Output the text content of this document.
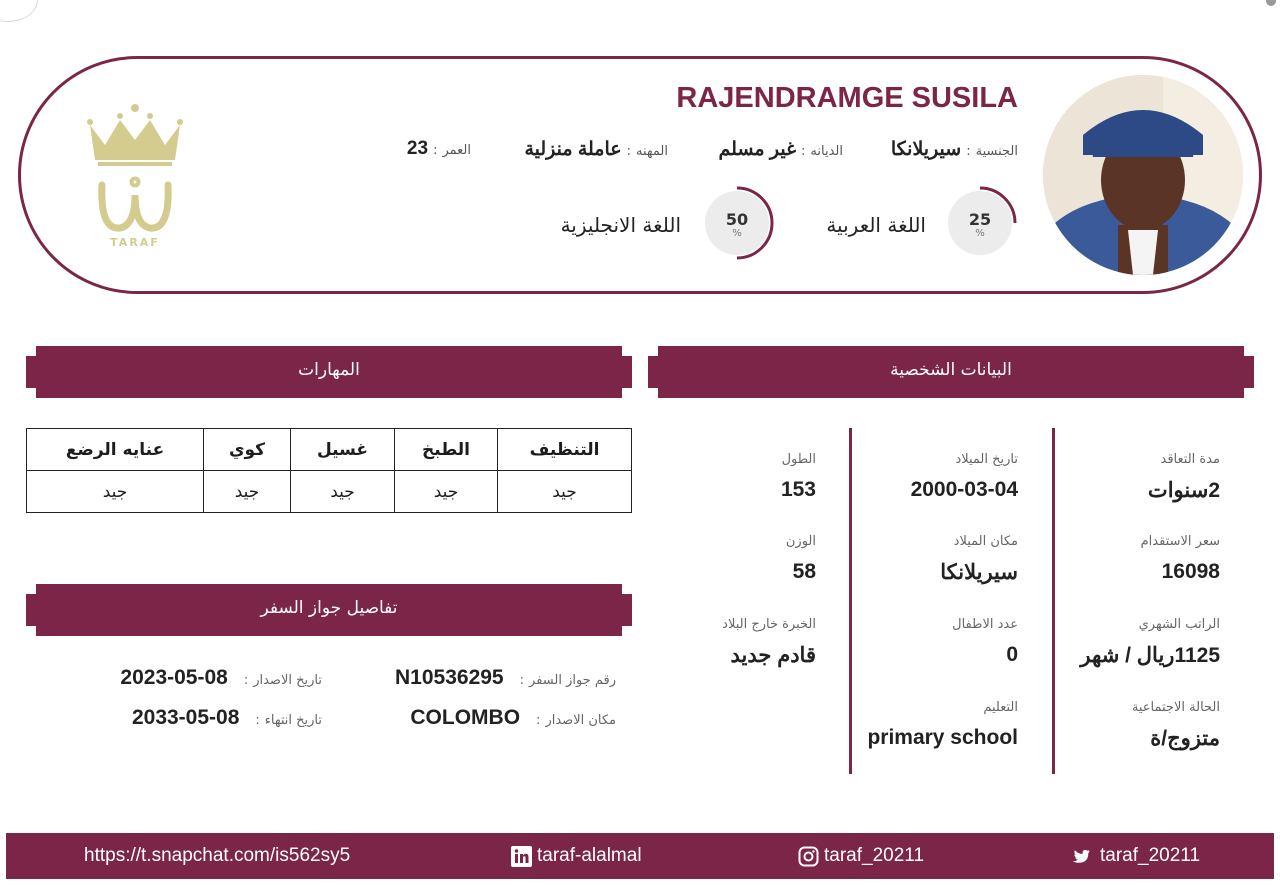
RAJENDRAMGE SUSILA
الجنسية
:
سيريلانكا
الديانه
:
غير مسلم
المهنه
:
عاملة منزلية
العمر
:
23
25
%
اللغة العربية
50
%
اللغة الانجليزية
TARAF
البيانات الشخصية
المهارات
تفاصيل جواز السفر
مدة التعاقد
2سنوات
سعر الاستقدام
16098
الراتب الشهري
1125ريال / شهر
الحالة الاجتماعية
متزوج/ة
تاريخ الميلاد
2000-03-04
مكان الميلاد
سيريلانكا
عدد الاطفال
0
التعليم
primary school
الطول
153
الوزن
58
الخبرة خارج البلاد
قادم جديد
التنظيف	الطبخ	غسيل	كوي	عنايه الرضع
جيد	جيد	جيد	جيد	جيد
رقم جواز السفر
:
N10536295
مكان الاصدار
:
COLOMBO
تاريخ الاصدار
:
2023-05-08
تاريخ انتهاء
:
2033-05-08
https://t.snapchat.com/is562sy5	taraf-alalmal	taraf_20211	taraf_20211
